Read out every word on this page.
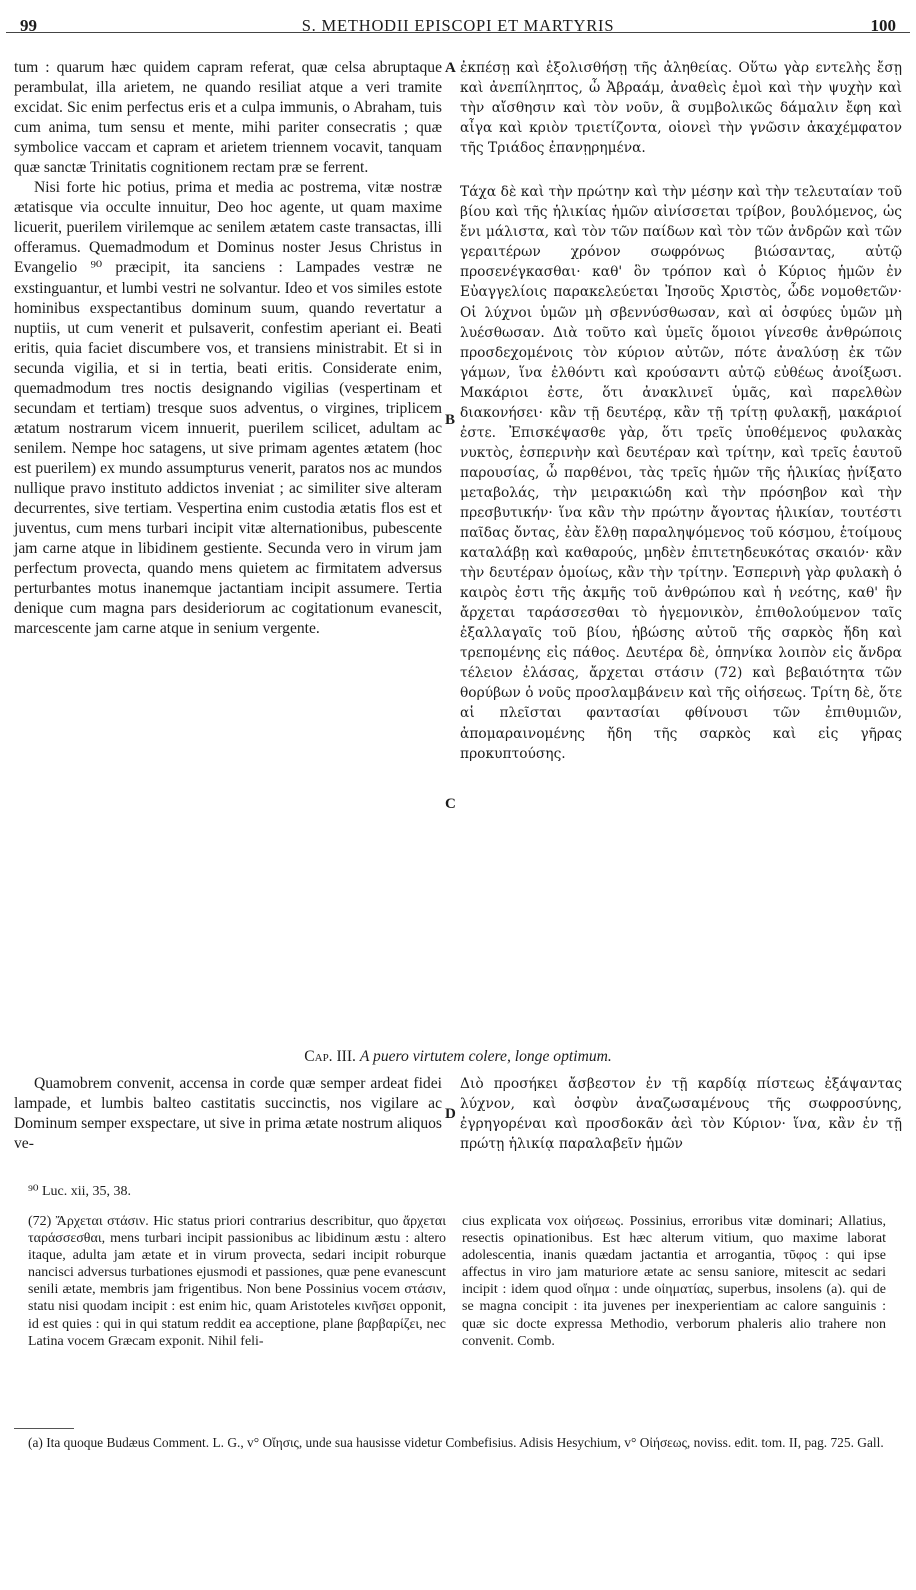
99	S. METHODII EPISCOPI ET MARTYRIS	100

tum : quarum hæc quidem capram referat, quæ celsa abruptaque perambulat, illa arietem, ne quando resiliat atque a veri tramite excidat. Sic enim perfectus eris et a culpa immunis, o Abraham, tuis cum anima, tum sensu et mente, mihi pariter consecratis ; quæ symbolice vaccam et capram et arietem triennem vocavit, tanquam quæ sanctæ Trinitatis cognitionem rectam præ se ferrent.

Nisi forte hic potius, prima et media ac postrema, vitæ nostræ ætatisque via occulte innuitur, Deo hoc agente, ut quam maxime licuerit, puerilem virilemque ac senilem ætatem caste transactas, illi offeramus. Quemadmodum et Dominus noster Jesus Christus in Evangelio ⁹⁰ præcipit, ita sanciens : Lampades vestræ ne exstinguantur, et lumbi vestri ne solvantur. Ideo et vos similes estote hominibus exspectantibus dominum suum, quando revertatur a nuptiis, ut cum venerit et pulsaverit, confestim aperiant ei. Beati eritis, quia faciet discumbere vos, et transiens ministrabit. Et si in secunda vigilia, et si in tertia, beati eritis. Considerate enim, quemadmodum tres noctis designando vigilias (vespertinam et secundam et tertiam) tresque suos adventus, o virgines, triplicem ætatum nostrarum vicem innuerit, puerilem scilicet, adultam ac senilem. Nempe hoc satagens, ut sive primam agentes ætatem (hoc est puerilem) ex mundo assumpturus venerit, paratos nos ac mundos nullique pravo instituto addictos inveniat ; ac similiter sive alteram decurrentes, sive tertiam. Vespertina enim custodia ætatis flos est et juventus, cum mens turbari incipit vitæ alternationibus, pubescente jam carne atque in libidinem gestiente. Secunda vero in virum jam perfectum provecta, quando mens quietem ac firmitatem adversus perturbantes motus inanemque jactantiam incipit assumere. Tertia denique cum magna pars desideriorum ac cogitationum evanescit, marcescente jam carne atque in senium vergente.

ἐκπέσῃ καὶ ἐξολισθήσῃ τῆς ἀληθείας. Οὕτω γὰρ εντελὴς ἔσῃ καὶ ἀνεπίληπτος, ὦ Ἀβραάμ, ἀναθεὶς ἐμοὶ καὶ τὴν ψυχὴν καὶ τὴν αἴσθησιν καὶ τὸν νοῦν, ἃ συμβολικῶς δάμαλιν ἔφη καὶ αἶγα καὶ κριὸν τριετίζοντα, οἱονεὶ τὴν γνῶσιν ἀκαχέμφατον τῆς Τριάδος ἐπανῃρημένα.

Τάχα δὲ καὶ τὴν πρώτην καὶ τὴν μέσην καὶ τὴν τελευταίαν τοῦ βίου καὶ τῆς ἡλικίας ἡμῶν αἰνίσσεται τρίβον, βουλόμενος, ὡς ἔνι μάλιστα, καὶ τὸν τῶν παίδων καὶ τὸν τῶν ἀνδρῶν καὶ τῶν γεραιτέρων χρόνον σωφρόνως βιώσαντας, αὐτῷ προσενέγκασθαι· καθ' ὃν τρόπον καὶ ὁ Κύριος ἡμῶν ἐν Εὐαγγελίοις παρακελεύεται Ἰησοῦς Χριστὸς, ὧδε νομοθετῶν· Οἱ λύχνοι ὑμῶν μὴ σβεννύσθωσαν, καὶ αἱ ὀσφύες ὑμῶν μὴ λυέσθωσαν. Διὰ τοῦτο καὶ ὑμεῖς ὅμοιοι γίνεσθε ἀνθρώποις προσδεχομένοις τὸν κύριον αὐτῶν, πότε ἀναλύσῃ ἐκ τῶν γάμων, ἵνα ἐλθόντι καὶ κρούσαντι αὐτῷ εὐθέως ἀνοίξωσι. Μακάριοι ἐστε, ὅτι ἀνακλινεῖ ὑμᾶς, καὶ παρελθὼν διακονήσει· κἂν τῇ δευτέρᾳ, κἂν τῇ τρίτῃ φυλακῇ, μακάριοί ἐστε. Ἐπισκέψασθε γὰρ, ὅτι τρεῖς ὑποθέμενος φυλακὰς νυκτὸς, ἑσπερινὴν καὶ δευτέραν καὶ τρίτην, καὶ τρεῖς ἑαυτοῦ παρουσίας, ὦ παρθένοι, τὰς τρεῖς ἡμῶν τῆς ἡλικίας ᾐνίξατο μεταβολάς, τὴν μειρακιώδη καὶ τὴν πρόσηβον καὶ τὴν πρεσβυτικήν· ἵνα κἂν τὴν πρώτην ἄγοντας ἡλικίαν, τουτέστι παῖδας ὄντας, ἐὰν ἔλθῃ παραληψόμενος τοῦ κόσμου, ἑτοίμους καταλάβῃ καὶ καθαρούς, μηδὲν ἐπιτετηδευκότας σκαιόν· κἂν τὴν δευτέραν ὁμοίως, κἂν τὴν τρίτην. Ἑσπερινὴ γὰρ φυλακὴ ὁ καιρὸς ἐστι τῆς ἀκμῆς τοῦ ἀνθρώπου καὶ ἡ νεότης, καθ' ἣν ἄρχεται ταράσσεσθαι τὸ ἡγεμονικὸν, ἐπιθολούμενον ταῖς ἐξαλλαγαῖς τοῦ βίου, ἡβώσης αὐτοῦ τῆς σαρκὸς ἤδη καὶ τρεπομένης εἰς πάθος. Δευτέρα δὲ, ὁπηνίκα λοιπὸν εἰς ἄνδρα τέλειον ἐλάσας, ἄρχεται στάσιν (72) καὶ βεβαιότητα τῶν θορύβων ὁ νοῦς προσλαμβάνειν καὶ τῆς οἰήσεως. Τρίτη δὲ, ὅτε αἱ πλεῖσται φαντασίαι φθίνουσι τῶν ἐπιθυμιῶν, ἀπομαραινομένης ἤδη τῆς σαρκὸς καὶ εἰς γῆρας προκυπτούσης.

A
B
C
Cap. III. A puero virtutem colere, longe optimum.

Quamobrem convenit, accensa in corde quæ semper ardeat fidei lampade, et lumbis balteo castitatis succinctis, nos vigilare ac Dominum semper exspectare, ut sive in prima ætate nostrum aliquos ve-

Διὸ προσήκει ἄσβεστον ἐν τῇ καρδίᾳ πίστεως ἐξάψαντας λύχνον, καὶ ὀσφὺν ἀναζωσαμένους τῆς σωφροσύνης, ἐγρηγορέναι καὶ προσδοκᾶν ἀεὶ τὸν Κύριον· ἵνα, κἂν ἐν τῇ πρώτῃ ἡλικίᾳ παραλαβεῖν ἡμῶν

D
⁹⁰ Luc. xii, 35, 38.

(72) Ἄρχεται στάσιν. Hic status priori contrarius describitur, quo ἄρχεται ταράσσεσθαι, mens turbari incipit passionibus ac libidinum æstu : altero itaque, adulta jam ætate et in virum provecta, sedari incipit roburque nancisci adversus turbationes ejusmodi et passiones, quæ pene evanescunt senili ætate, membris jam frigentibus. Non bene Possinius vocem στάσιν, statu nisi quodam incipit : est enim hic, quam Aristoteles κινῆσει opponit, id est quies : qui in qui statum reddit ea acceptione, plane βαρβαρίζει, nec Latina vocem Græcam exponit. Nihil feli-

cius explicata vox οἰήσεως. Possinius, erroribus vitæ dominari; Allatius, resectis opinationibus. Est hæc alterum vitium, quo maxime laborat adolescentia, inanis quædam jactantia et arrogantia, τῦφος : qui ipse affectus in viro jam maturiore ætate ac sensu saniore, mitescit ac sedari incipit : idem quod οἴημα : unde οἰηματίας, superbus, insolens (a). qui de se magna concipit : ita juvenes per inexperientiam ac calore sanguinis : quæ sic docte expressa Methodio, verborum phaleris alio trahere non convenit. Comb.

(a) Ita quoque Budæus Comment. L. G., v° Οἴησις, unde sua hausisse videtur Combefisius. Adisis Hesychium, v° Οἰήσεως, noviss. edit. tom. II, pag. 725. Gall.
